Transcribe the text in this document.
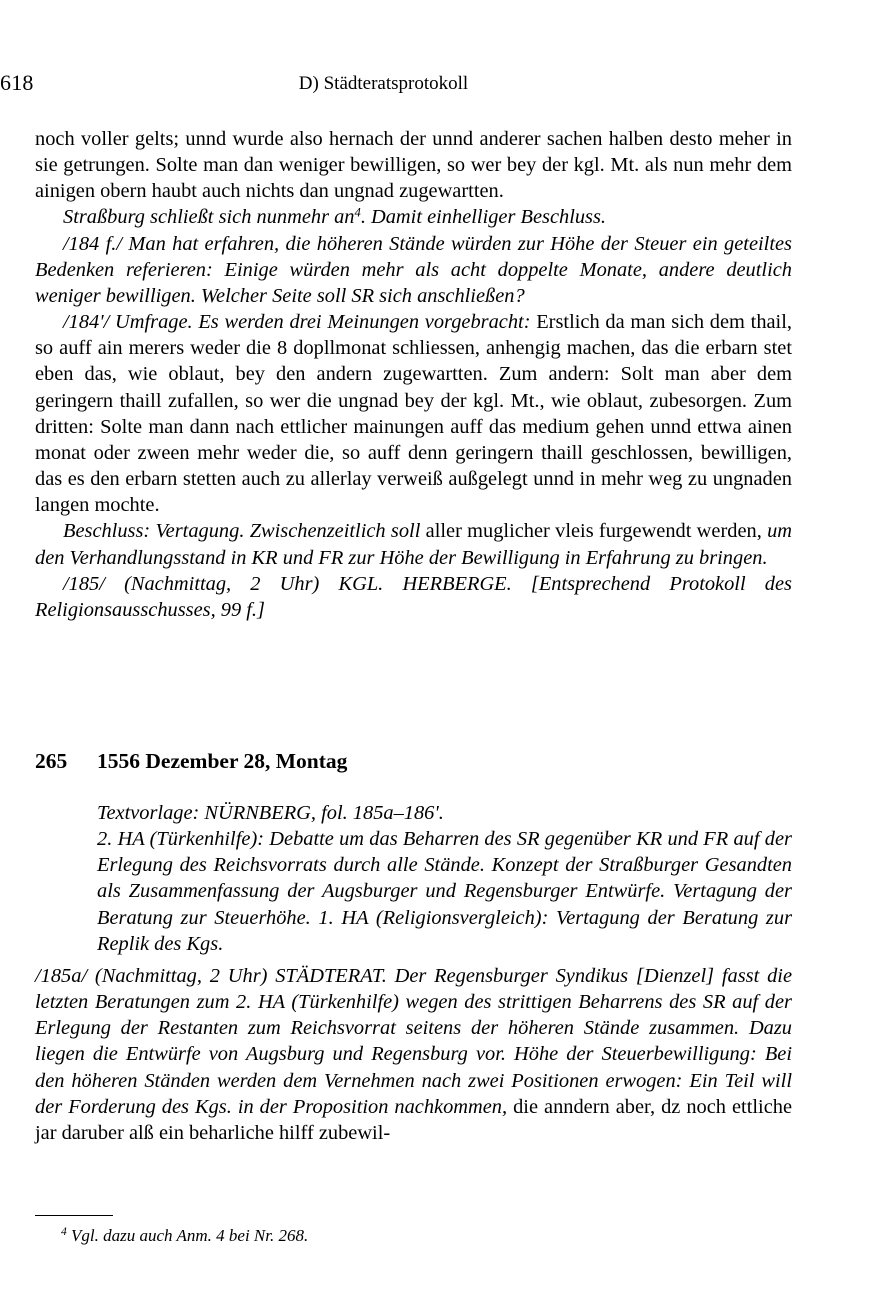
618	D) Städteratsprotokoll

noch voller gelts; unnd wurde also hernach der unnd anderer sachen halben desto meher in sie getrungen. Solte man dan weniger bewilligen, so wer bey der kgl. Mt. als nun mehr dem ainigen obern haubt auch nichts dan ungnad zugewartten.

Straßburg schließt sich nunmehr an$^4$. Damit einhelliger Beschluss.

/184 f./ Man hat erfahren, die höheren Stände würden zur Höhe der Steuer ein geteiltes Bedenken referieren: Einige würden mehr als acht doppelte Monate, andere deutlich weniger bewilligen. Welcher Seite soll SR sich anschließen?

/184'/ Umfrage. Es werden drei Meinungen vorgebracht: Erstlich da man sich dem thail, so auff ain merers weder die 8 dopllmonat schliessen, anhengig machen, das die erbarn stet eben das, wie oblaut, bey den andern zugewartten. Zum andern: Solt man aber dem geringern thaill zufallen, so wer die ungnad bey der kgl. Mt., wie oblaut, zubesorgen. Zum dritten: Solte man dann nach ettlicher mainungen auff das medium gehen unnd ettwa ainen monat oder zween mehr weder die, so auff denn geringern thaill geschlossen, bewilligen, das es den erbarn stetten auch zu allerlay verweiß außgelegt unnd in mehr weg zu ungnaden langen mochte.

Beschluss: Vertagung. Zwischenzeitlich soll aller muglicher vleis furgewendt werden, um den Verhandlungsstand in KR und FR zur Höhe der Bewilligung in Erfahrung zu bringen.

/185/ (Nachmittag, 2 Uhr) KGL. HERBERGE. [Entsprechend Protokoll des Religionsausschusses, 99 f.]

265 1556 Dezember 28, Montag

Textvorlage: NÜRNBERG, fol. 185a–186'.

2. HA (Türkenhilfe): Debatte um das Beharren des SR gegenüber KR und FR auf der Erlegung des Reichsvorrats durch alle Stände. Konzept der Straßburger Gesandten als Zusammenfassung der Augsburger und Regensburger Entwürfe. Vertagung der Beratung zur Steuerhöhe. 1. HA (Religionsvergleich): Vertagung der Beratung zur Replik des Kgs.

/185a/ (Nachmittag, 2 Uhr) STÄDTERAT. Der Regensburger Syndikus [Dienzel] fasst die letzten Beratungen zum 2. HA (Türkenhilfe) wegen des strittigen Beharrens des SR auf der Erlegung der Restanten zum Reichsvorrat seitens der höheren Stände zusammen. Dazu liegen die Entwürfe von Augsburg und Regensburg vor. Höhe der Steuerbewilligung: Bei den höheren Ständen werden dem Vernehmen nach zwei Positionen erwogen: Ein Teil will der Forderung des Kgs. in der Proposition nachkommen, die anndern aber, dz noch ettliche jar daruber alß ein beharliche hilff zubewil-

$^4$ Vgl. dazu auch Anm. 4 bei Nr. 268.
